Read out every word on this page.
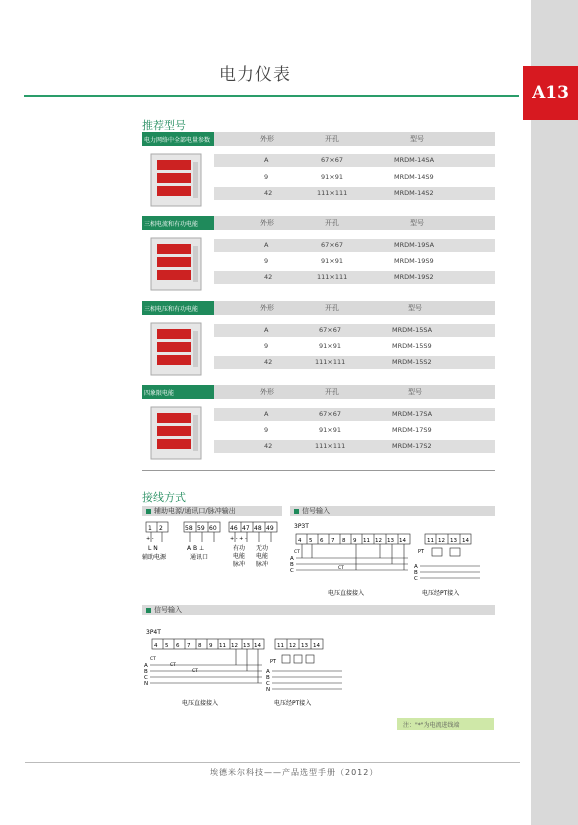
A13
电力仪表
推荐型号
电力网络中全部电量参数	外形	开孔	型号
A	67×67	MRDM-14SA
9	91×91	MRDM-14S9
42	111×111	MRDM-14S2
三相电流和有功电能	外形	开孔	型号
A	67×67	MRDM-19SA
9	91×91	MRDM-19S9
42	111×111	MRDM-19S2
三相电压和有功电能	外形	开孔	型号
A	67×67	MRDM-15SA
9	91×91	MRDM-15S9
42	111×111	MRDM-15S2
四象限电能	外形	开孔	型号
A	67×67	MRDM-17SA
9	91×91	MRDM-17S9
42	111×111	MRDM-17S2
接线方式
辅助电源/通讯口/脉冲输出	信号输入
1 2	58 59 60 46 47 48 49
+ -	+ - + -
L N
辅助电源
A B ⊥
通讯口
有功
电能
脉冲
无功
电能
脉冲
3P3T
4 5 6 7 8 9 11 12 13 14	11 12 13 14
A
B
C
CT
CT
PT
A
B
C
电压直接接入	电压经PT接入
信号输入
3P4T
4 5 6 7 8 9 11 12 13 14	11 12 13 14
A
B
C
N
CT
CT
CT
PT
A
B
C
N
电压直接接入	电压经PT接入
注："*"为电流进线端
埃德米尔科技——产品选型手册（2012）
